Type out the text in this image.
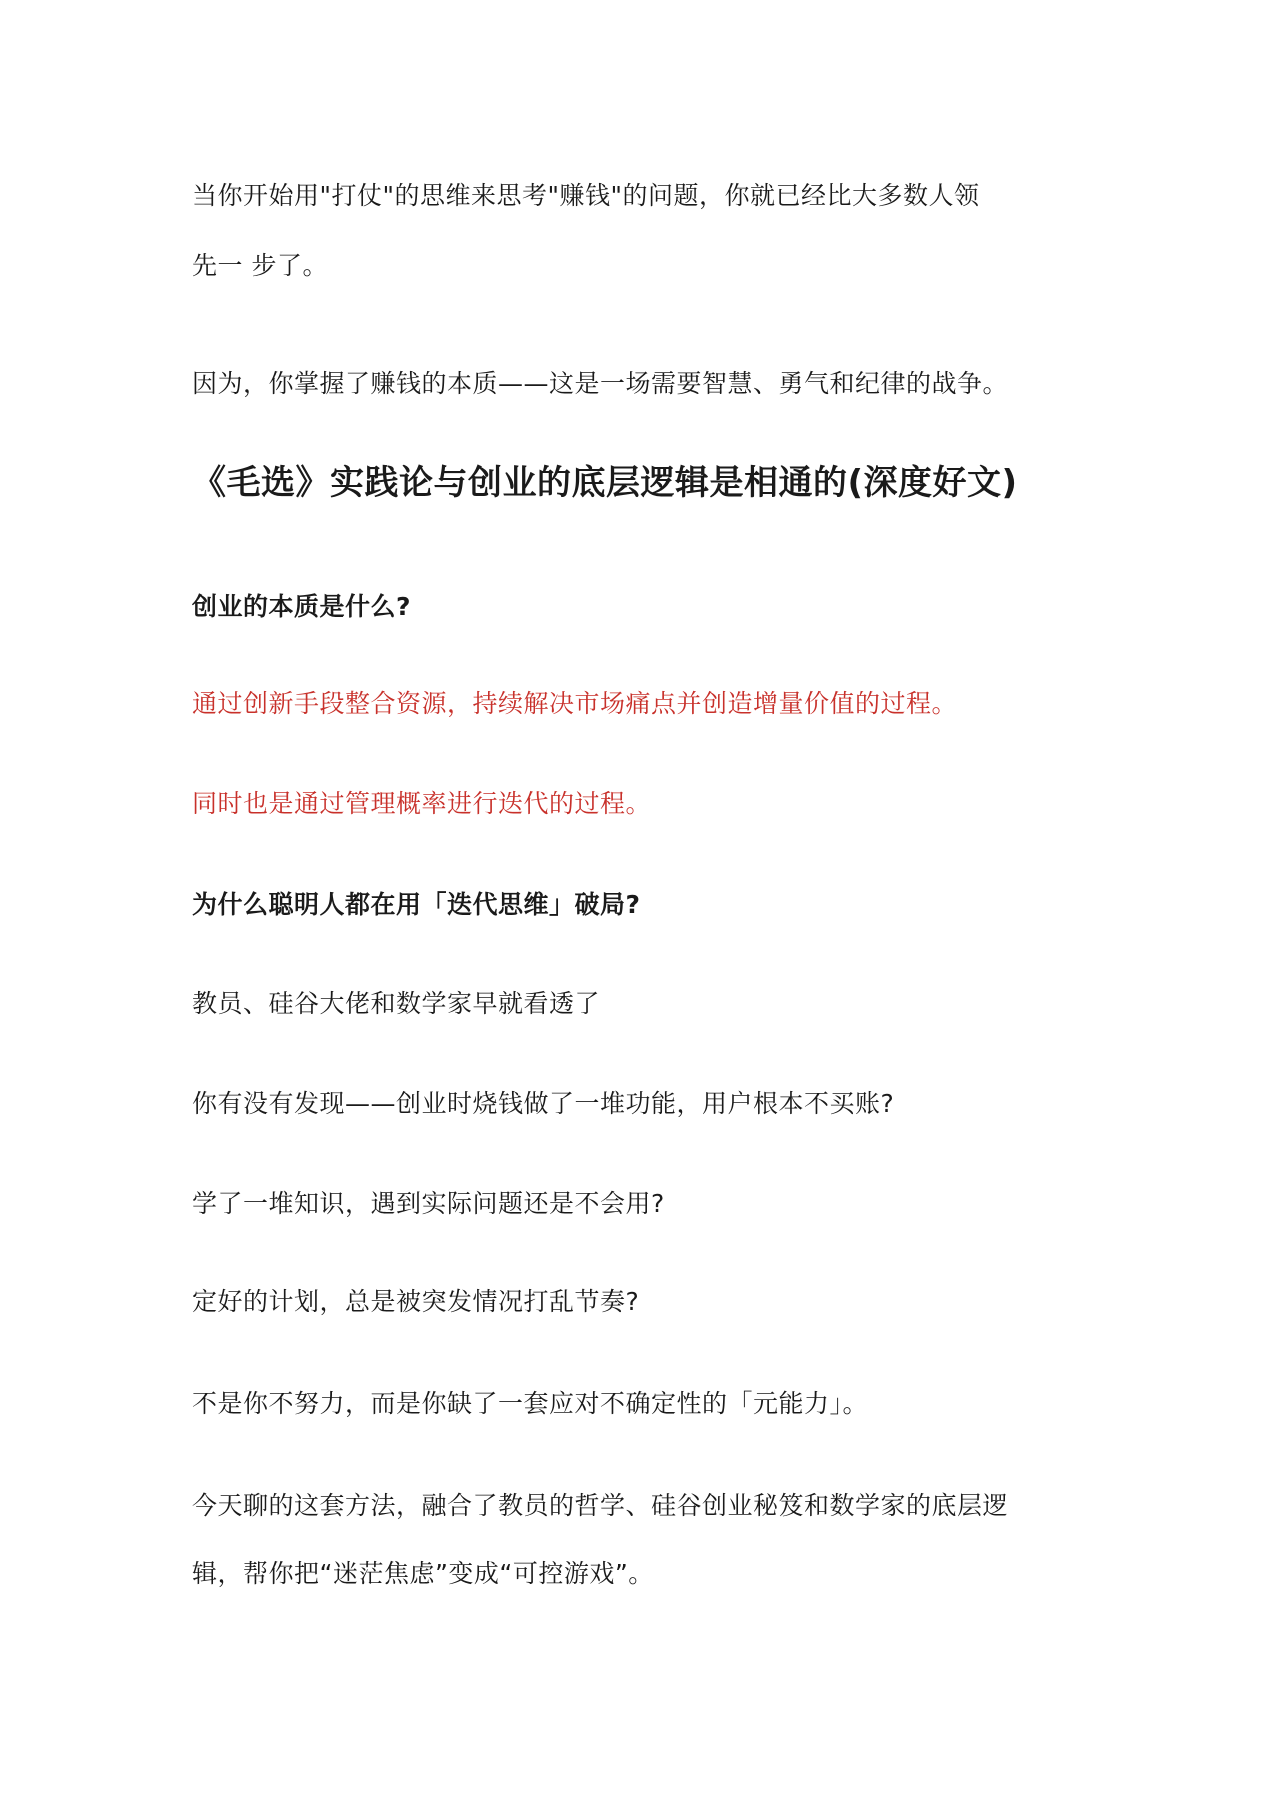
当你开始用"打仗"的思维来思考"赚钱"的问题，你就已经比大多数人领
先一 步了。
因为，你掌握了赚钱的本质——这是一场需要智慧、勇气和纪律的战争。
《毛选》实践论与创业的底层逻辑是相通的(深度好文)
创业的本质是什么?
通过创新手段整合资源，持续解决市场痛点并创造增量价值的过程。
同时也是通过管理概率进行迭代的过程。
为什么聪明人都在用「迭代思维」破局?
教员、硅谷大佬和数学家早就看透了
你有没有发现——创业时烧钱做了一堆功能，用户根本不买账?
学了一堆知识，遇到实际问题还是不会用?
定好的计划，总是被突发情况打乱节奏?
不是你不努力，而是你缺了一套应对不确定性的「元能力」。
今天聊的这套方法，融合了教员的哲学、硅谷创业秘笈和数学家的底层逻
辑，帮你把“迷茫焦虑”变成“可控游戏”。
